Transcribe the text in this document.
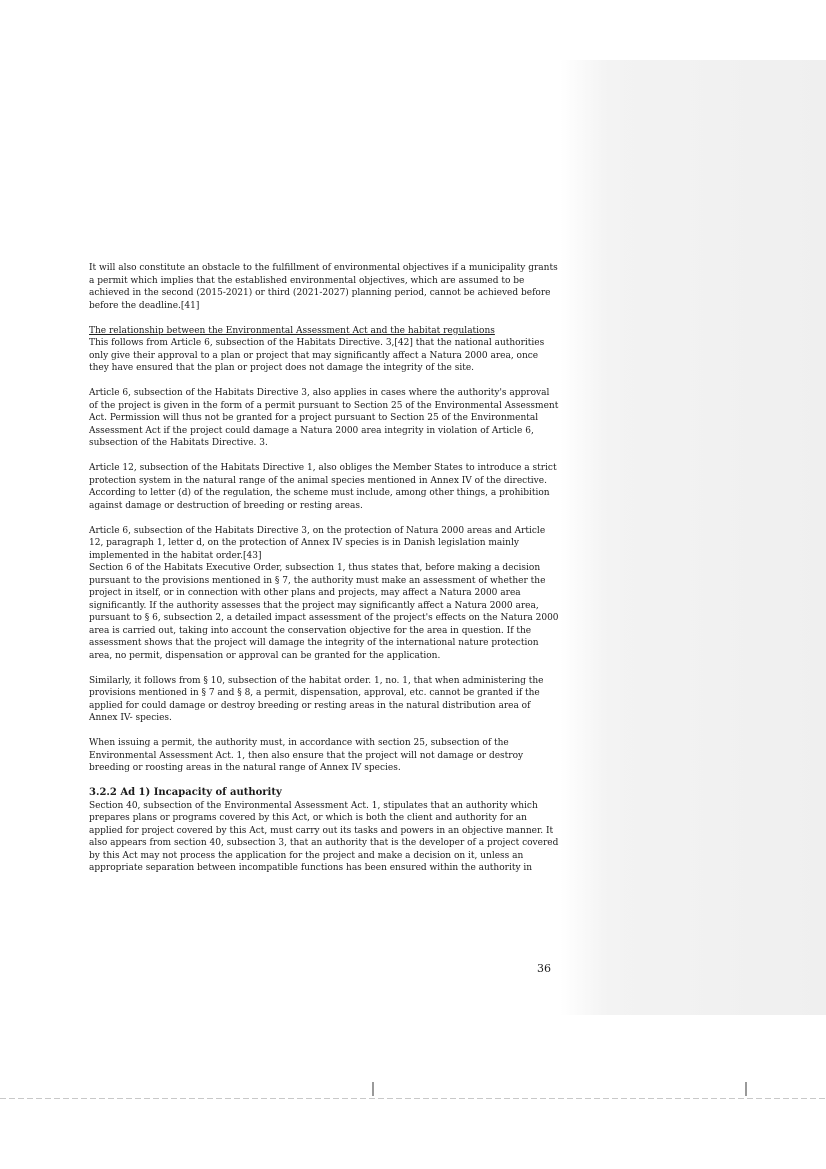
It will also constitute an obstacle to the fulfillment of environmental objectives if a municipality grants a permit which implies that the established environmental objectives, which are assumed to be achieved in the second (2015-2021) or third (2021-2027) planning period, cannot be achieved before before the deadline.[41]

The relationship between the Environmental Assessment Act and the habitat regulations

This follows from Article 6, subsection of the Habitats Directive. 3,[42] that the national authorities only give their approval to a plan or project that may significantly affect a Natura 2000 area, once they have ensured that the plan or project does not damage the integrity of the site.

Article 6, subsection of the Habitats Directive 3, also applies in cases where the authority's approval of the project is given in the form of a permit pursuant to Section 25 of the Environmental Assessment Act. Permission will thus not be granted for a project pursuant to Section 25 of the Environmental Assessment Act if the project could damage a Natura 2000 area integrity in violation of Article 6, subsection of the Habitats Directive. 3.

Article 12, subsection of the Habitats Directive 1, also obliges the Member States to introduce a strict protection system in the natural range of the animal species mentioned in Annex IV of the directive. According to letter (d) of the regulation, the scheme must include, among other things, a prohibition against damage or destruction of breeding or resting areas.

Article 6, subsection of the Habitats Directive 3, on the protection of Natura 2000 areas and Article 12, paragraph 1, letter d, on the protection of Annex IV species is in Danish legislation mainly implemented in the habitat order.[43]

Section 6 of the Habitats Executive Order, subsection 1, thus states that, before making a decision pursuant to the provisions mentioned in § 7, the authority must make an assessment of whether the project in itself, or in connection with other plans and projects, may affect a Natura 2000 area significantly. If the authority assesses that the project may significantly affect a Natura 2000 area, pursuant to § 6, subsection 2, a detailed impact assessment of the project's effects on the Natura 2000 area is carried out, taking into account the conservation objective for the area in question. If the assessment shows that the project will damage the integrity of the international nature protection area, no permit, dispensation or approval can be granted for the application.

Similarly, it follows from § 10, subsection of the habitat order. 1, no. 1, that when administering the provisions mentioned in § 7 and § 8, a permit, dispensation, approval, etc. cannot be granted if the applied for could damage or destroy breeding or resting areas in the natural distribution area of Annex IV- species.

When issuing a permit, the authority must, in accordance with section 25, subsection of the Environmental Assessment Act. 1, then also ensure that the project will not damage or destroy breeding or roosting areas in the natural range of Annex IV species.

3.2.2 Ad 1) Incapacity of authority

Section 40, subsection of the Environmental Assessment Act. 1, stipulates that an authority which prepares plans or programs covered by this Act, or which is both the client and authority for an applied for project covered by this Act, must carry out its tasks and powers in an objective manner. It also appears from section 40, subsection 3, that an authority that is the developer of a project covered by this Act may not process the application for the project and make a decision on it, unless an appropriate separation between incompatible functions has been ensured within the authority in

36
